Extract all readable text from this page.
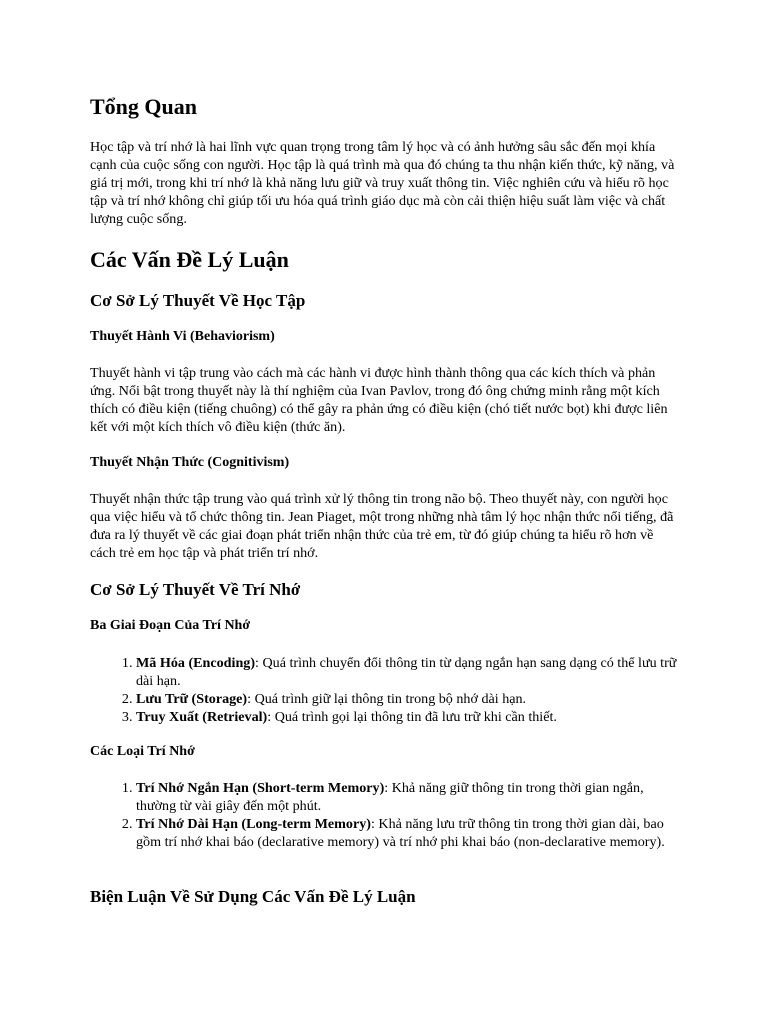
Tổng Quan

Học tập và trí nhớ là hai lĩnh vực quan trọng trong tâm lý học và có ảnh hưởng sâu sắc đến mọi khía cạnh của cuộc sống con người. Học tập là quá trình mà qua đó chúng ta thu nhận kiến thức, kỹ năng, và giá trị mới, trong khi trí nhớ là khả năng lưu giữ và truy xuất thông tin. Việc nghiên cứu và hiểu rõ học tập và trí nhớ không chỉ giúp tối ưu hóa quá trình giáo dục mà còn cải thiện hiệu suất làm việc và chất lượng cuộc sống.

Các Vấn Đề Lý Luận
Cơ Sở Lý Thuyết Về Học Tập
Thuyết Hành Vi (Behaviorism)

Thuyết hành vi tập trung vào cách mà các hành vi được hình thành thông qua các kích thích và phản ứng. Nổi bật trong thuyết này là thí nghiệm của Ivan Pavlov, trong đó ông chứng minh rằng một kích thích có điều kiện (tiếng chuông) có thể gây ra phản ứng có điều kiện (chó tiết nước bọt) khi được liên kết với một kích thích vô điều kiện (thức ăn).

Thuyết Nhận Thức (Cognitivism)

Thuyết nhận thức tập trung vào quá trình xử lý thông tin trong não bộ. Theo thuyết này, con người học qua việc hiểu và tổ chức thông tin. Jean Piaget, một trong những nhà tâm lý học nhận thức nổi tiếng, đã đưa ra lý thuyết về các giai đoạn phát triển nhận thức của trẻ em, từ đó giúp chúng ta hiểu rõ hơn về cách trẻ em học tập và phát triển trí nhớ.

Cơ Sở Lý Thuyết Về Trí Nhớ
Ba Giai Đoạn Của Trí Nhớ
1. Mã Hóa (Encoding): Quá trình chuyển đổi thông tin từ dạng ngắn hạn sang dạng có thể lưu trữ dài hạn.
2. Lưu Trữ (Storage): Quá trình giữ lại thông tin trong bộ nhớ dài hạn.
3. Truy Xuất (Retrieval): Quá trình gọi lại thông tin đã lưu trữ khi cần thiết.
Các Loại Trí Nhớ
1. Trí Nhớ Ngắn Hạn (Short-term Memory): Khả năng giữ thông tin trong thời gian ngắn, thường từ vài giây đến một phút.
2. Trí Nhớ Dài Hạn (Long-term Memory): Khả năng lưu trữ thông tin trong thời gian dài, bao gồm trí nhớ khai báo (declarative memory) và trí nhớ phi khai báo (non-declarative memory).
Biện Luận Về Sử Dụng Các Vấn Đề Lý Luận
